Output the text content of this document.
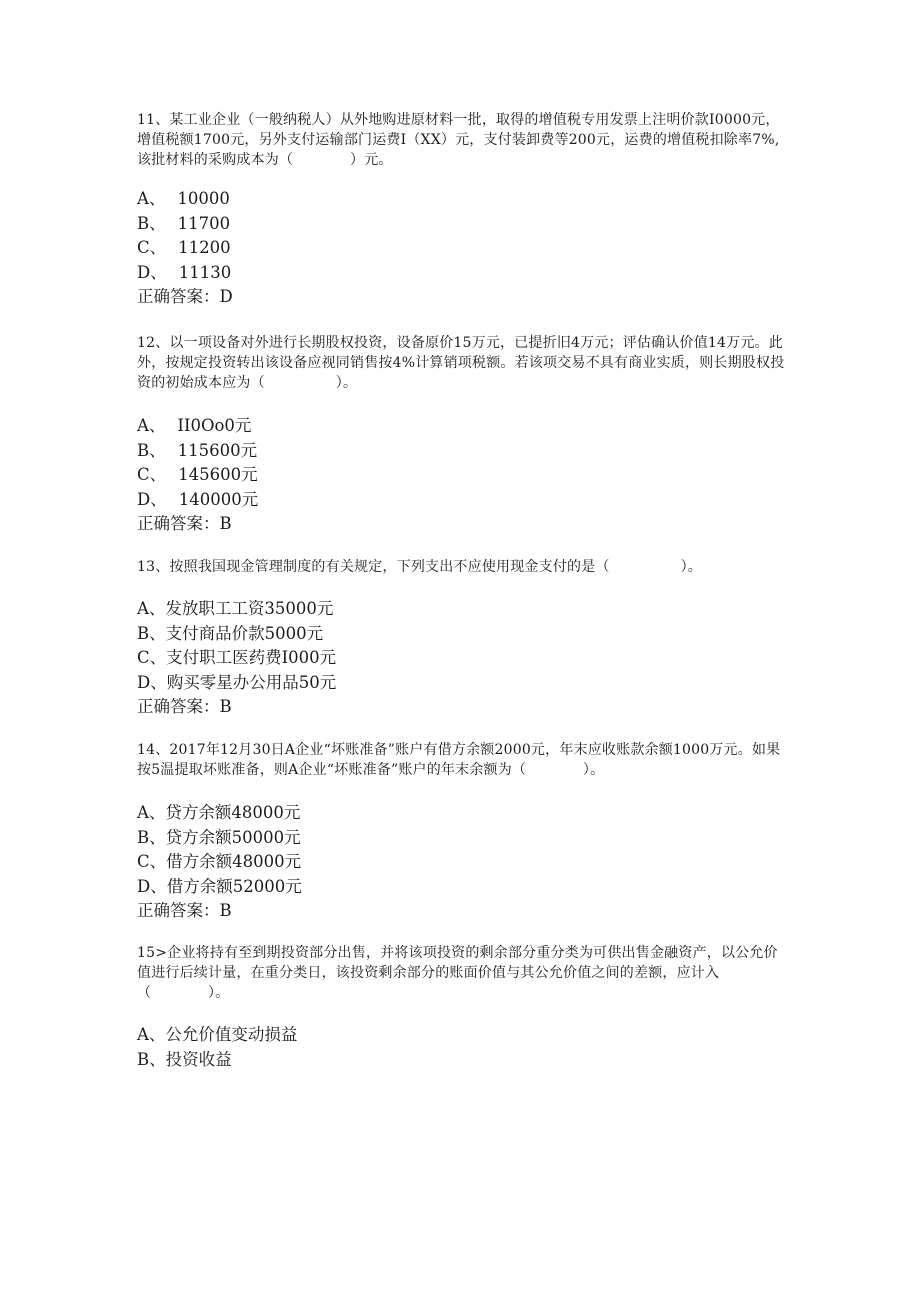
11、某工业企业（一般纳税人）从外地购进原材料一批，取得的增值税专用发票上注明价款I0000元，增值税额1700元，另外支付运输部门运费I（XX）元，支付装卸费等200元，运费的增值税扣除率7%,该批材料的采购成本为（　　　　）元。

A、 10000
B、 11700
C、 11200
D、 11130
正确答案：D

12、以一项设备对外进行长期股权投资，设备原价15万元，已提折旧4万元；评估确认价值14万元。此外，按规定投资转出该设备应视同销售按4%计算销项税额。若该项交易不具有商业实质，则长期股权投资的初始成本应为（　　　　　）。

A、 II0Oo0元
B、 115600元
C、 145600元
D、 140000元
正确答案：B

13、按照我国现金管理制度的有关规定，下列支出不应使用现金支付的是（　　　　　）。

A、发放职工工资35000元
B、支付商品价款5000元
C、支付职工医药费I000元
D、购买零星办公用品50元
正确答案：B

14、2017年12月30日A企业“坏账准备”账户有借方余额2000元，年末应收账款余额1000万元。如果按5温提取坏账准备，则A企业“坏账准备”账户的年末余额为（　　　　）。

A、贷方余额48000元
B、贷方余额50000元
C、借方余额48000元
D、借方余额52000元
正确答案：B

15>企业将持有至到期投资部分出售，并将该项投资的剩余部分重分类为可供出售金融资产，以公允价值进行后续计量，在重分类日，该投资剩余部分的账面价值与其公允价值之间的差额，应计入（　　　　）。

A、公允价值变动损益
B、投资收益
